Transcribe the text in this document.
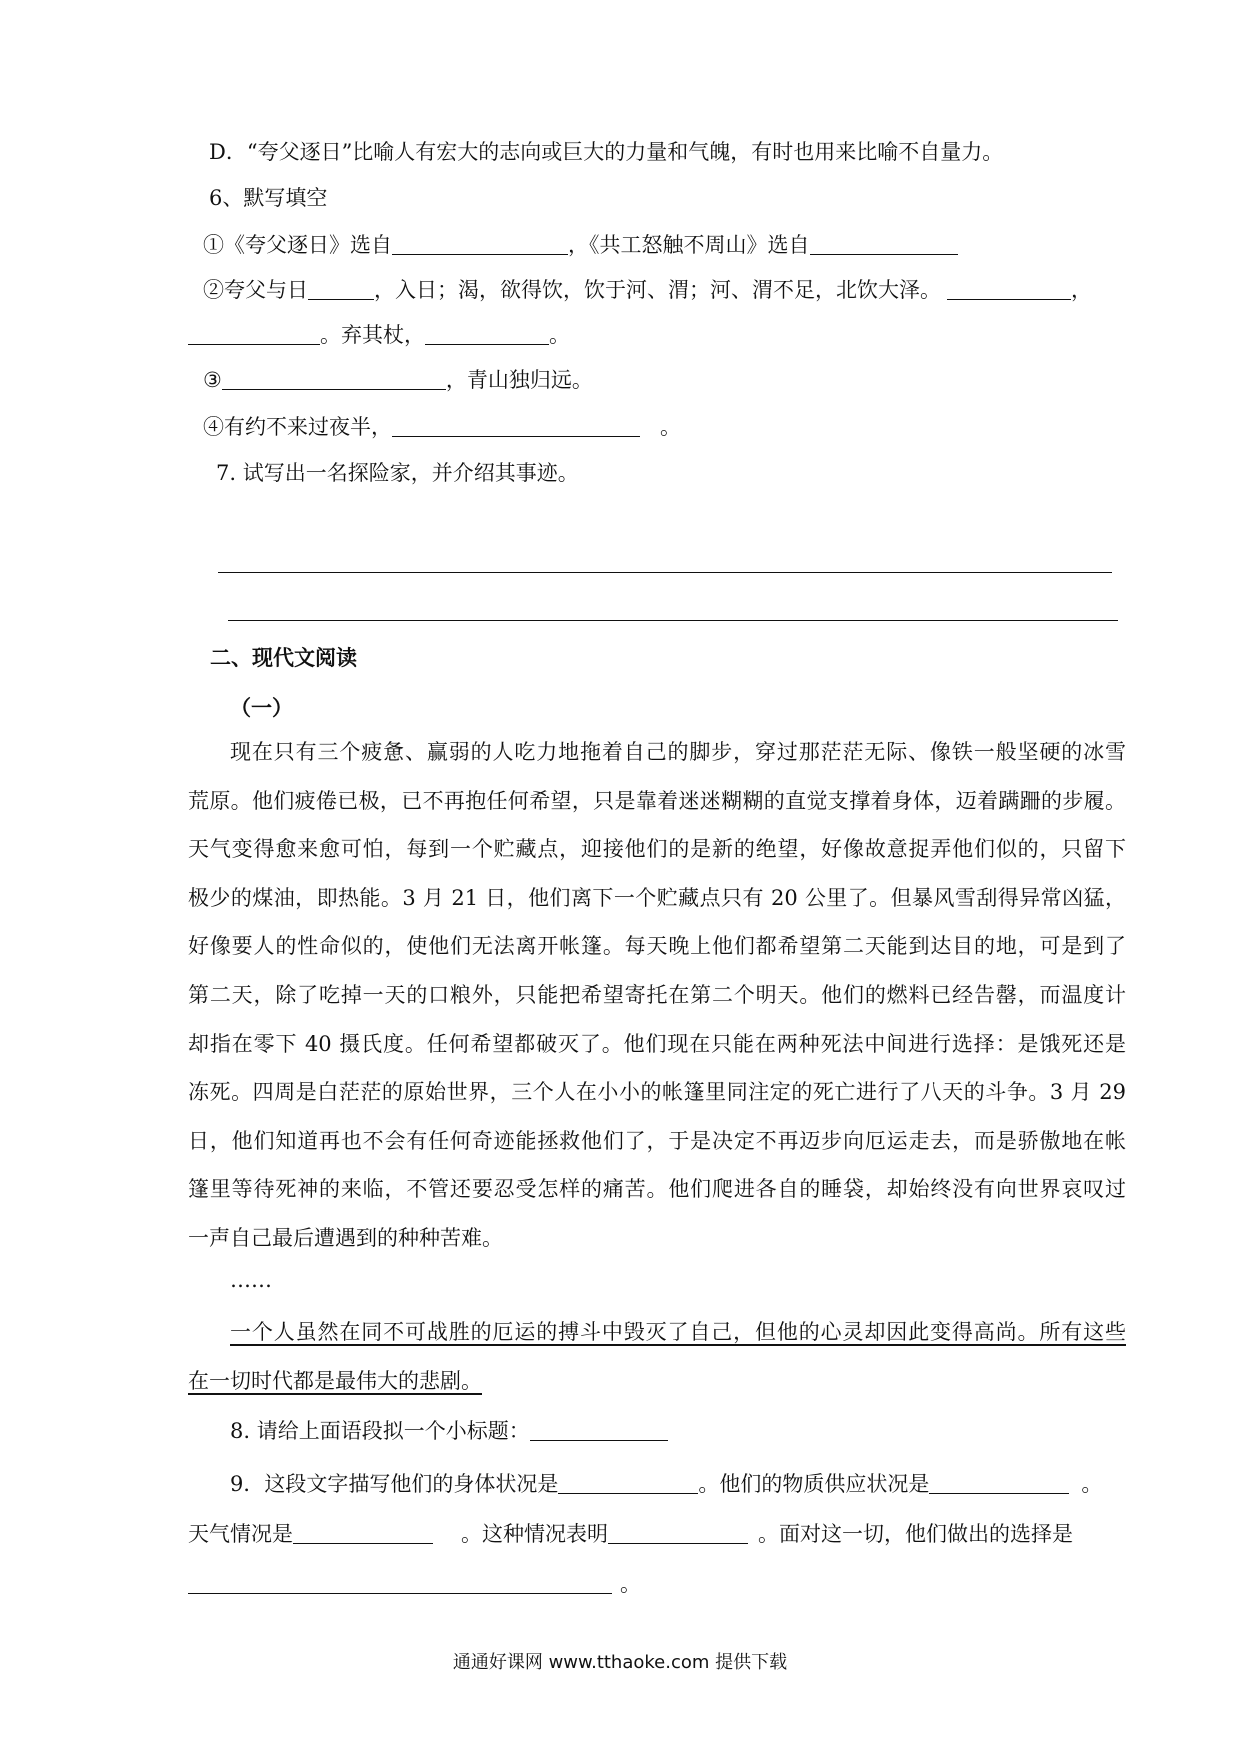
D．“夸父逐日”比喻人有宏大的志向或巨大的力量和气魄，有时也用来比喻不自量力。
6、默写填空
①《夸父逐日》选自	，《共工怒触不周山》选自
②夸父与日	，入日；渴，欲得饮，饮于河、渭；河、渭不足，北饮大泽。	，
。弃其杖，	。
③	，青山独归远。
④有约不来过夜半，	。
7. 试写出一名探险家，并介绍其事迹。
二、现代文阅读
（一）
现在只有三个疲惫、赢弱的人吃力地拖着自己的脚步，穿过那茫茫无际、像铁一般坚硬的冰雪
荒原。他们疲倦已极，已不再抱任何希望，只是靠着迷迷糊糊的直觉支撑着身体，迈着蹒跚的步履。
天气变得愈来愈可怕，每到一个贮藏点，迎接他们的是新的绝望，好像故意捉弄他们似的，只留下
极少的煤油，即热能。3 月 21 日，他们离下一个贮藏点只有 20 公里了。但暴风雪刮得异常凶猛，
好像要人的性命似的，使他们无法离开帐篷。每天晚上他们都希望第二天能到达目的地，可是到了
第二天，除了吃掉一天的口粮外，只能把希望寄托在第二个明天。他们的燃料已经告罄，而温度计
却指在零下 40 摄氏度。任何希望都破灭了。他们现在只能在两种死法中间进行选择：是饿死还是
冻死。四周是白茫茫的原始世界，三个人在小小的帐篷里同注定的死亡进行了八天的斗争。3 月 29
日，他们知道再也不会有任何奇迹能拯救他们了，于是决定不再迈步向厄运走去，而是骄傲地在帐
篷里等待死神的来临，不管还要忍受怎样的痛苦。他们爬进各自的睡袋，却始终没有向世界哀叹过
一声自己最后遭遇到的种种苦难。
……
一个人虽然在同不可战胜的厄运的搏斗中毁灭了自己，但他的心灵却因此变得高尚。所有这些
在一切时代都是最伟大的悲剧。
8. 请给上面语段拟一个小标题：
9．这段文字描写他们的身体状况是	。他们的物质供应状况是	。
天气情况是	。这种情况表明	。面对这一切，他们做出的选择是
。
通通好课网 www.tthaoke.com 提供下载
